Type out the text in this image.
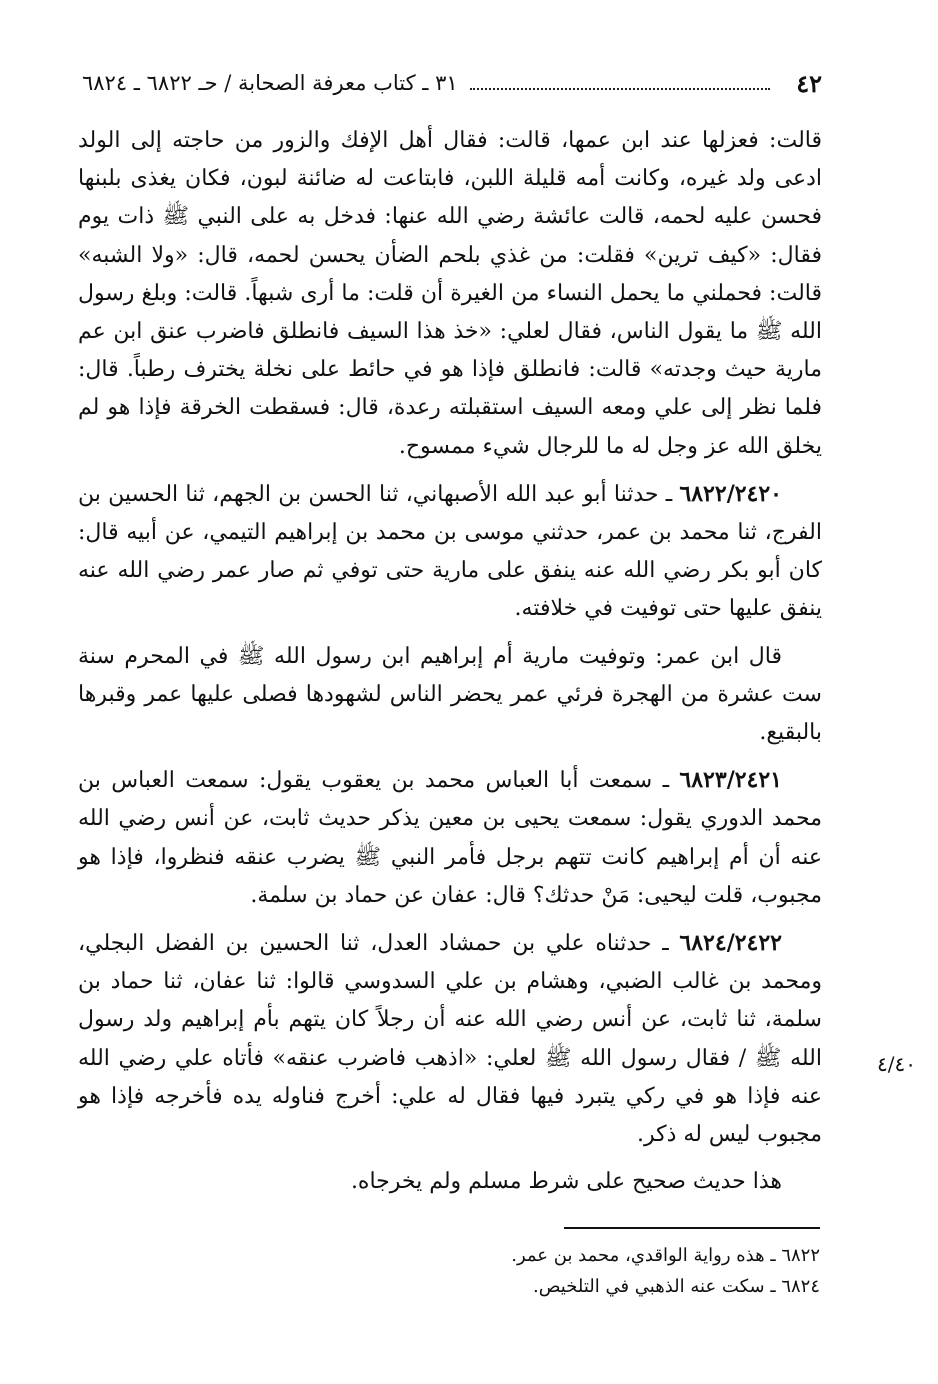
٤٢
٣١ ـ كتاب معرفة الصحابة / حـ ٦٨٢٢ ـ ٦٨٢٤

قالت: فعزلها عند ابن عمها، قالت: فقال أهل الإفك والزور من حاجته إلى الولد ادعى ولد غيره، وكانت أمه قليلة اللبن، فابتاعت له ضائنة لبون، فكان يغذى بلبنها فحسن عليه لحمه، قالت عائشة رضي الله عنها: فدخل به على النبي ﷺ ذات يوم فقال: «كيف ترين» فقلت: من غذي بلحم الضأن يحسن لحمه، قال: «ولا الشبه» قالت: فحملني ما يحمل النساء من الغيرة أن قلت: ما أرى شبهاً. قالت: وبلغ رسول الله ﷺ ما يقول الناس، فقال لعلي: «خذ هذا السيف فانطلق فاضرب عنق ابن عم مارية حيث وجدته» قالت: فانطلق فإذا هو في حائط على نخلة يخترف رطباً. قال: فلما نظر إلى علي ومعه السيف استقبلته رعدة، قال: فسقطت الخرقة فإذا هو لم يخلق الله عز وجل له ما للرجال شيء ممسوح.

٦٨٢٢/٢٤٢٠ ـ حدثنا أبو عبد الله الأصبهاني، ثنا الحسن بن الجهم، ثنا الحسين بن الفرج، ثنا محمد بن عمر، حدثني موسى بن محمد بن إبراهيم التيمي، عن أبيه قال: كان أبو بكر رضي الله عنه ينفق على مارية حتى توفي ثم صار عمر رضي الله عنه ينفق عليها حتى توفيت في خلافته.

قال ابن عمر: وتوفيت مارية أم إبراهيم ابن رسول الله ﷺ في المحرم سنة ست عشرة من الهجرة فرئي عمر يحضر الناس لشهودها فصلى عليها عمر وقبرها بالبقيع.

٦٨٢٣/٢٤٢١ ـ سمعت أبا العباس محمد بن يعقوب يقول: سمعت العباس بن محمد الدوري يقول: سمعت يحيى بن معين يذكر حديث ثابت، عن أنس رضي الله عنه أن أم إبراهيم كانت تتهم برجل فأمر النبي ﷺ يضرب عنقه فنظروا، فإذا هو مجبوب، قلت ليحيى: مَنْ حدثك؟ قال: عفان عن حماد بن سلمة.

٦٨٢٤/٢٤٢٢ ـ حدثناه علي بن حمشاد العدل، ثنا الحسين بن الفضل البجلي، ومحمد بن غالب الضبي، وهشام بن علي السدوسي قالوا: ثنا عفان، ثنا حماد بن سلمة، ثنا ثابت، عن أنس رضي الله عنه أن رجلاً كان يتهم بأم إبراهيم ولد رسول الله ﷺ / فقال رسول الله ﷺ لعلي: «اذهب فاضرب عنقه» فأتاه علي رضي الله عنه فإذا هو في ركي يتبرد فيها فقال له علي: أخرج فناوله يده فأخرجه فإذا هو مجبوب ليس له ذكر.

هذا حديث صحيح على شرط مسلم ولم يخرجاه.

٤/٤٠
٦٨٢٢ ـ هذه رواية الواقدي، محمد بن عمر.
٦٨٢٤ ـ سكت عنه الذهبي في التلخيص.
